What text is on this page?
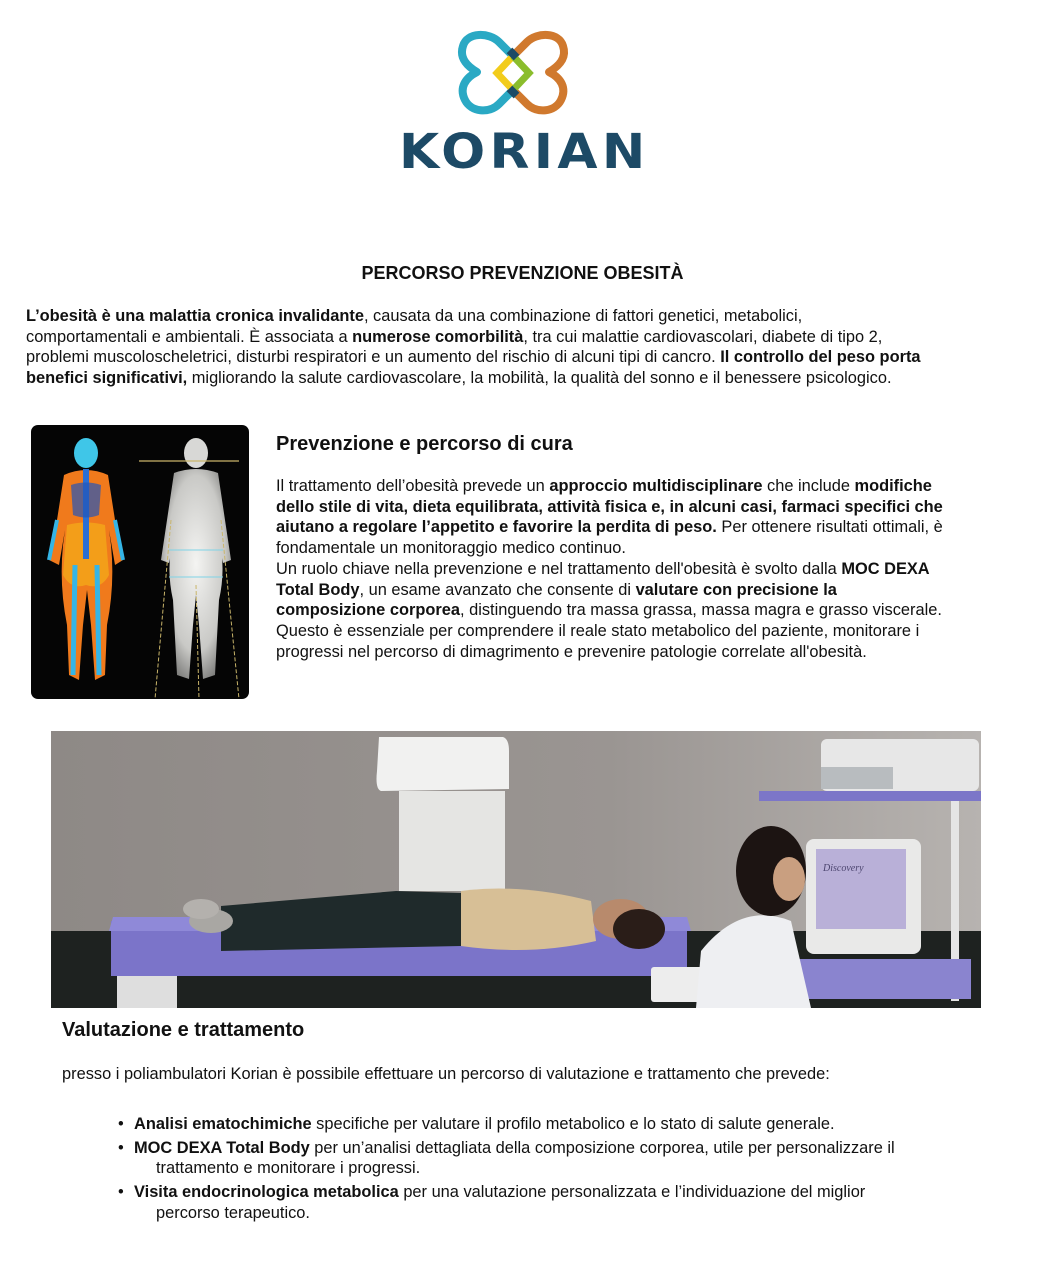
KORIAN
PERCORSO PREVENZIONE OBESITÀ
L’obesità è una malattia cronica invalidante, causata da una combinazione di fattori genetici, metabolici,
comportamentali e ambientali. È associata a numerose comorbilità, tra cui malattie cardiovascolari, diabete di tipo 2,
problemi muscoloscheletrici, disturbi respiratori e un aumento del rischio di alcuni tipi di cancro. Il controllo del peso porta
benefici significativi, migliorando la salute cardiovascolare, la mobilità, la qualità del sonno e il benessere psicologico.
Prevenzione e percorso di cura
Il trattamento dell’obesità prevede un approccio multidisciplinare che include modifiche
dello stile di vita, dieta equilibrata, attività fisica e, in alcuni casi, farmaci specifici che
aiutano a regolare l’appetito e favorire la perdita di peso. Per ottenere risultati ottimali, è
fondamentale un monitoraggio medico continuo.
Un ruolo chiave nella prevenzione e nel trattamento dell'obesità è svolto dalla MOC DEXA
Total Body, un esame avanzato che consente di valutare con precisione la
composizione corporea, distinguendo tra massa grassa, massa magra e grasso viscerale.
Questo è essenziale per comprendere il reale stato metabolico del paziente, monitorare i
progressi nel percorso di dimagrimento e prevenire patologie correlate all'obesità.
Discovery
Valutazione e trattamento

presso i poliambulatori Korian è possibile effettuare un percorso di valutazione e trattamento che prevede:

• Analisi ematochimiche specifiche per valutare il profilo metabolico e lo stato di salute generale.
• MOC DEXA Total Body per un’analisi dettagliata della composizione corporea, utile per personalizzare il
trattamento e monitorare i progressi.
• Visita endocrinologica metabolica per una valutazione personalizzata e l’individuazione del miglior
percorso terapeutico.
